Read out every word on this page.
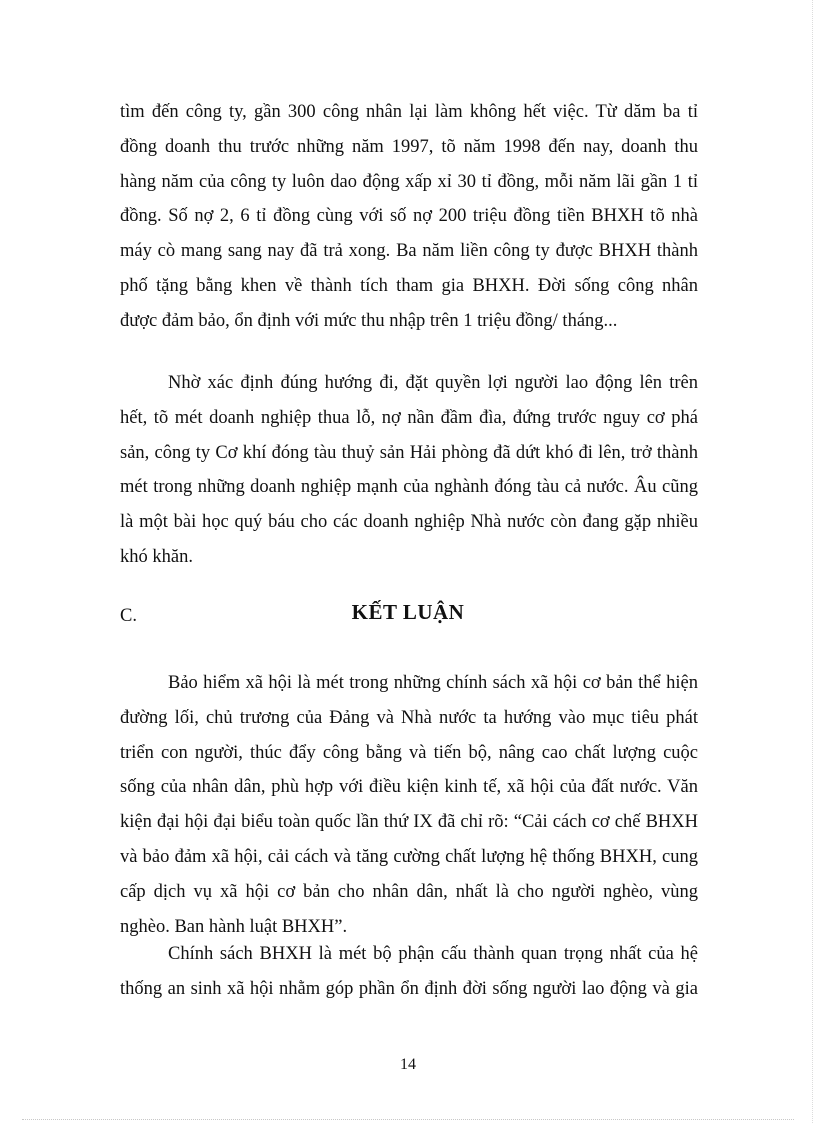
tìm đến công ty, gần 300 công nhân lại làm không hết việc. Từ dăm ba tỉ
đồng doanh thu trước những năm 1997, tõ năm 1998 đến nay, doanh thu
hàng năm của công ty luôn dao động xấp xỉ 30 tỉ đồng, mỗi năm lãi gần 1 tỉ
đồng. Số nợ 2, 6 tỉ đồng cùng với số nợ 200 triệu đồng tiền BHXH tõ nhà
máy cò mang sang nay đã trả xong. Ba năm liền công ty được BHXH thành
phố tặng bằng khen về thành tích tham gia BHXH. Đời sống công nhân
được đảm bảo, ổn định với mức thu nhập trên 1 triệu đồng/ tháng...
Nhờ xác định đúng hướng đi, đặt quyền lợi người lao động lên trên
hết, tõ mét doanh nghiệp thua lỗ, nợ nần đầm đìa, đứng trước nguy cơ phá
sản, công ty Cơ khí đóng tàu thuỷ sản Hải phòng đã dứt khó đi lên, trở thành
mét trong những doanh nghiệp mạnh của nghành đóng tàu cả nước. Âu cũng
là một bài học quý báu cho các doanh nghiệp Nhà nước còn đang gặp nhiều
khó khăn.
C.	KẾT LUẬN
Bảo hiểm xã hội là mét trong những chính sách xã hội cơ bản thể hiện
đường lối, chủ trương của Đảng và Nhà nước ta hướng vào mục tiêu phát
triển con người, thúc đẩy công bằng và tiến bộ, nâng cao chất lượng cuộc
sống của nhân dân, phù hợp với điều kiện kinh tế, xã hội của đất nước. Văn
kiện đại hội đại biểu toàn quốc lần thứ IX đã chỉ rõ: “Cải cách cơ chế BHXH
và bảo đảm xã hội, cải cách và tăng cường chất lượng hệ thống BHXH, cung
cấp dịch vụ xã hội cơ bản cho nhân dân, nhất là cho người nghèo, vùng
nghèo. Ban hành luật BHXH”.
Chính sách BHXH là mét bộ phận cấu thành quan trọng nhất của hệ
thống an sinh xã hội nhằm góp phần ổn định đời sống người lao động và gia
14
